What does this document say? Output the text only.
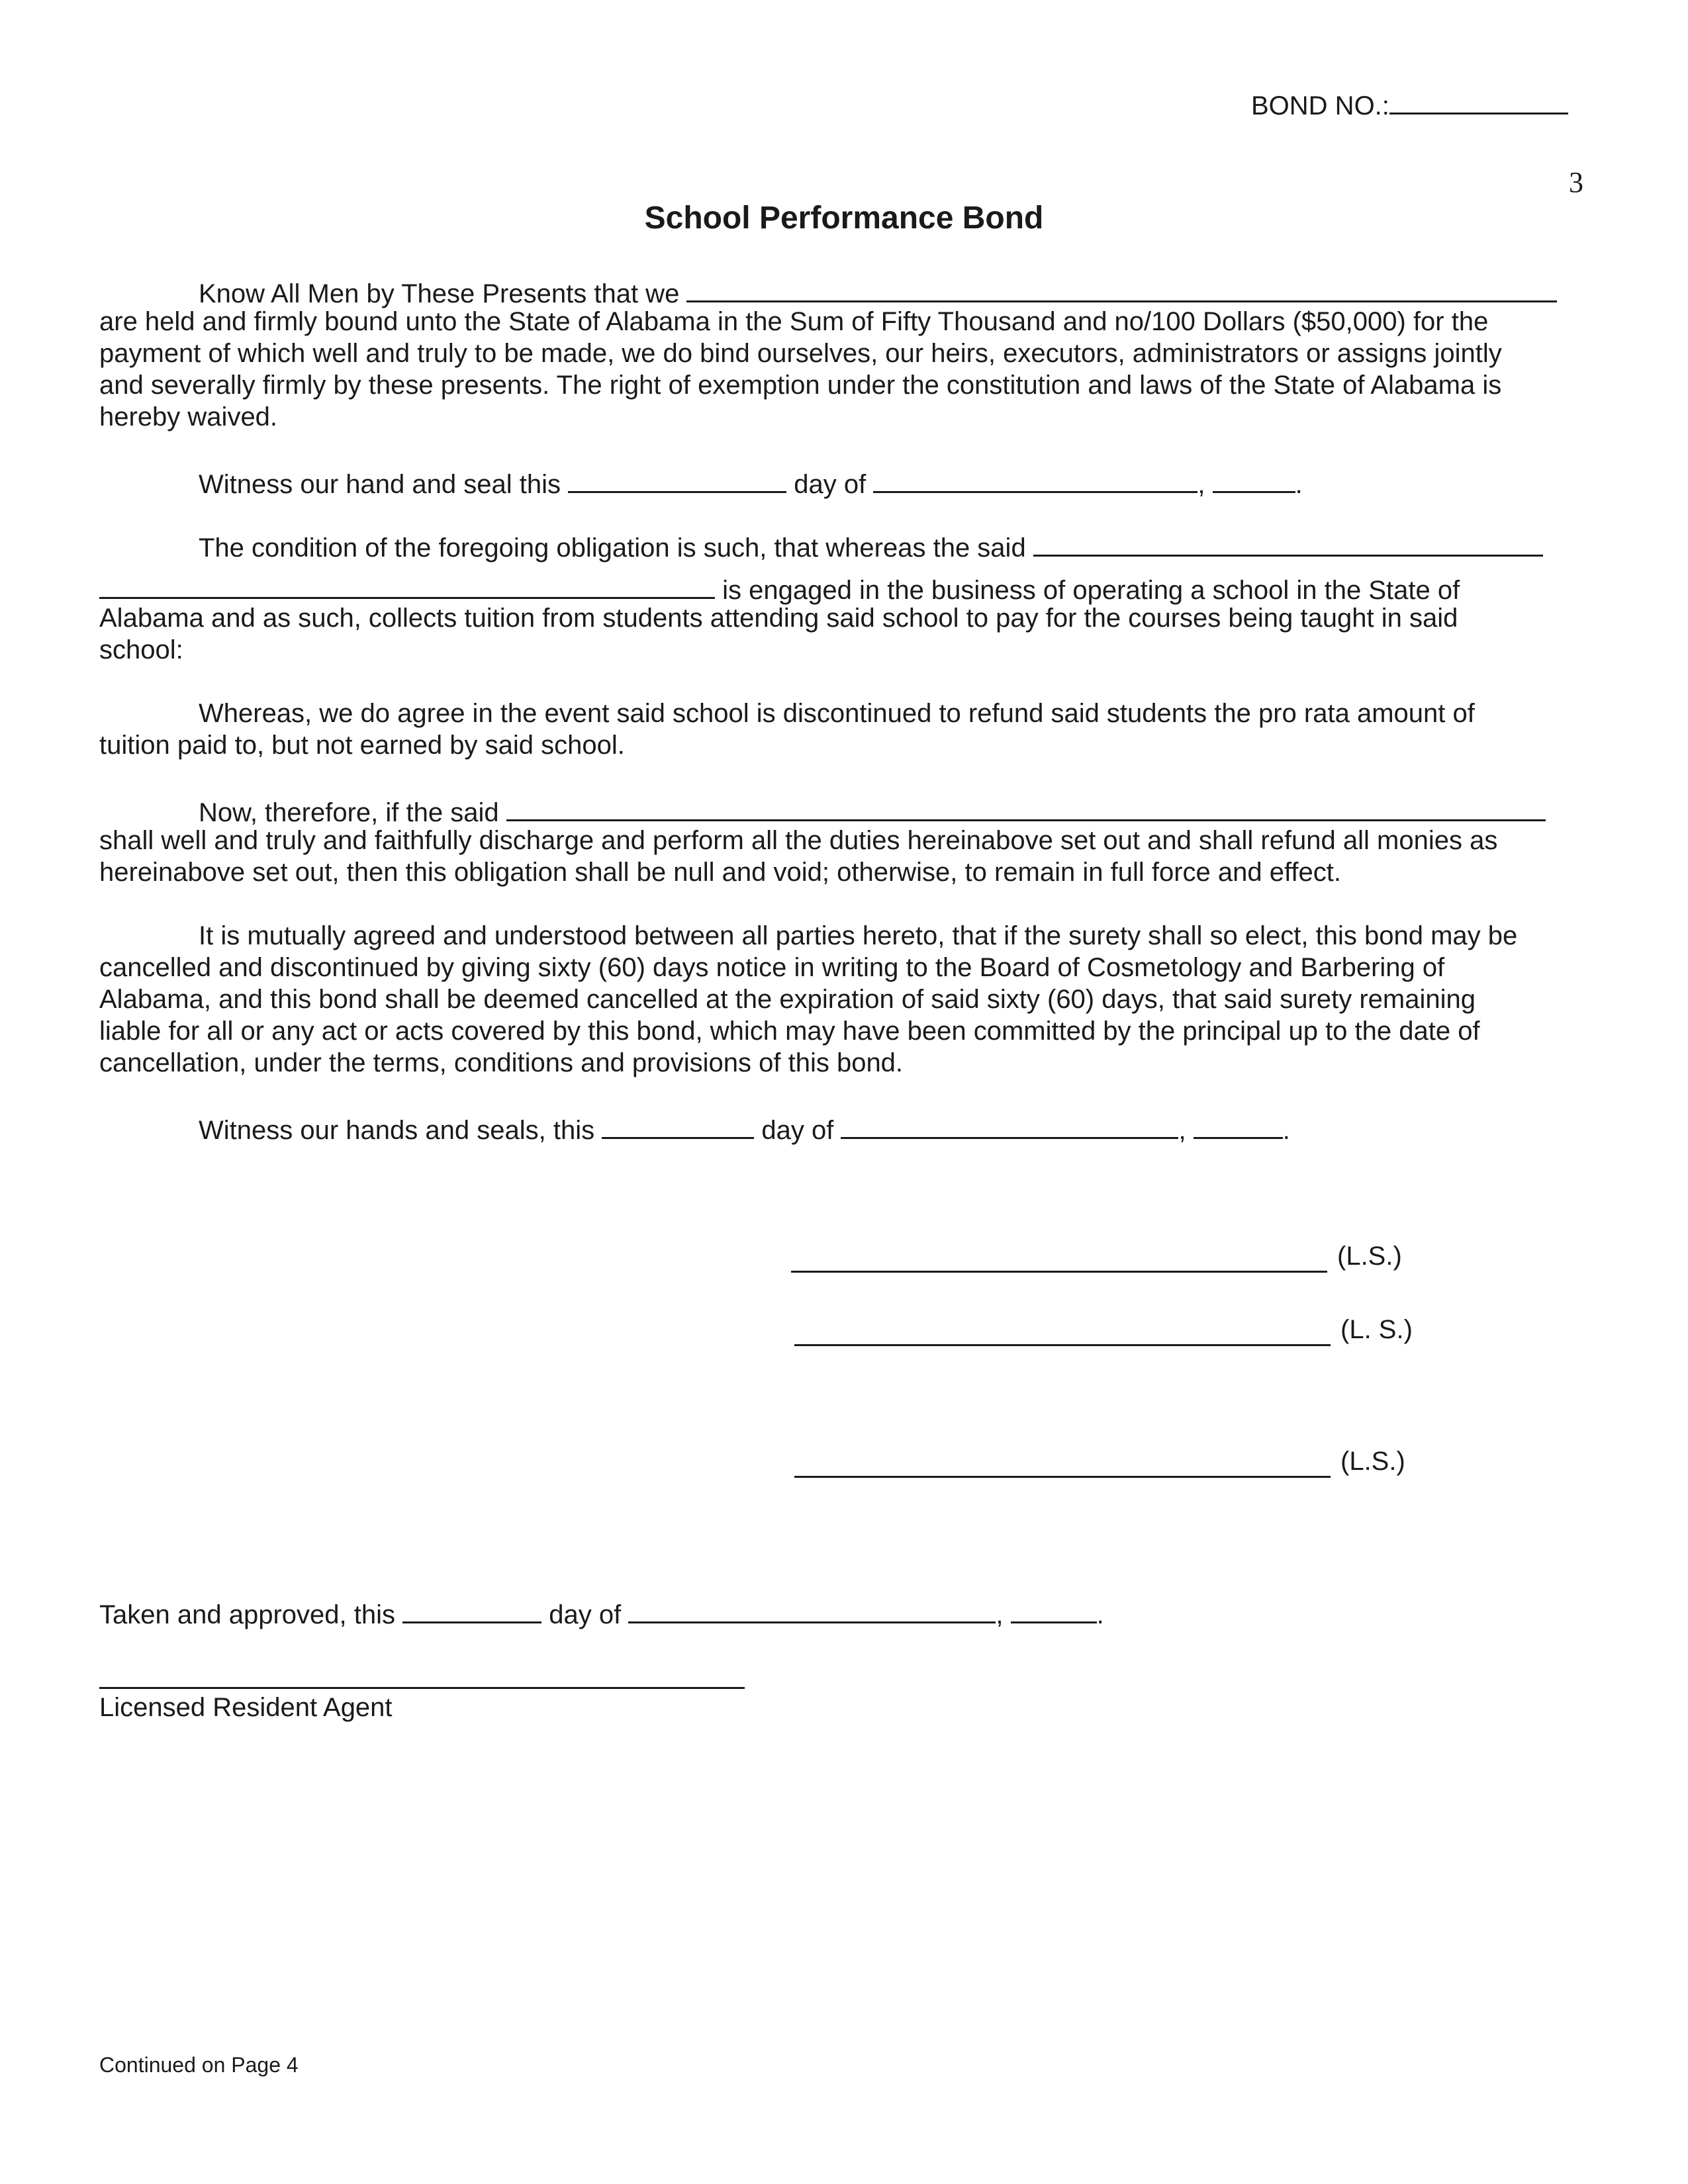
BOND NO.:
3
School Performance Bond
Know All Men by These Presents that we
are held and firmly bound unto the State of Alabama in the Sum of Fifty Thousand and no/100 Dollars ($50,000) for the
payment of which well and truly to be made, we do bind ourselves, our heirs, executors, administrators or assigns jointly
and severally firmly by these presents. The right of exemption under the constitution and laws of the State of Alabama is
hereby waived.
Witness our hand and seal this	day of	,	.
The condition of the foregoing obligation is such, that whereas the said
is engaged in the business of operating a school in the State of
Alabama and as such, collects tuition from students attending said school to pay for the courses being taught in said
school:
Whereas, we do agree in the event said school is discontinued to refund said students the pro rata amount of
tuition paid to, but not earned by said school.
Now, therefore, if the said
shall well and truly and faithfully discharge and perform all the duties hereinabove set out and shall refund all monies as
hereinabove set out, then this obligation shall be null and void; otherwise, to remain in full force and effect.
It is mutually agreed and understood between all parties hereto, that if the surety shall so elect, this bond may be
cancelled and discontinued by giving sixty (60) days notice in writing to the Board of Cosmetology and Barbering of
Alabama, and this bond shall be deemed cancelled at the expiration of said sixty (60) days, that said surety remaining
liable for all or any act or acts covered by this bond, which may have been committed by the principal up to the date of
cancellation, under the terms, conditions and provisions of this bond.
Witness our hands and seals, this	day of	,	.
(L.S.)
(L. S.)
(L.S.)
Taken and approved, this	day of	,	.
Licensed Resident Agent
Continued on Page 4
